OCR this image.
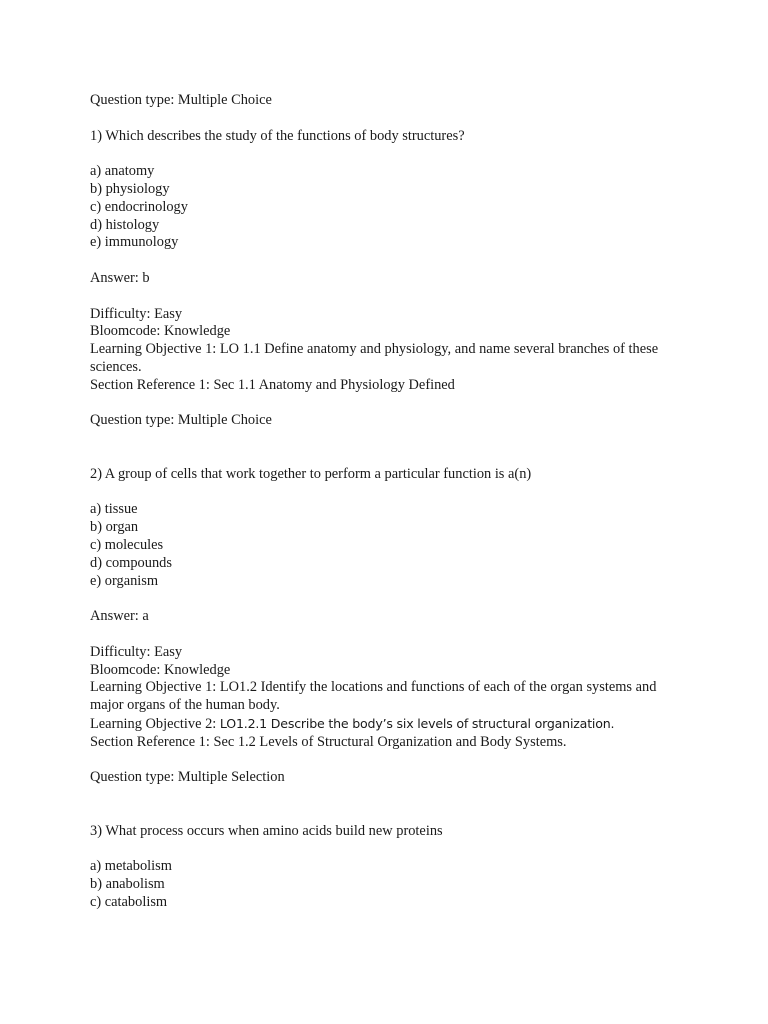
Question type: Multiple Choice
1) Which describes the study of the functions of body structures?
a) anatomy
b) physiology
c) endocrinology
d) histology
e) immunology
Answer: b
Difficulty: Easy
Bloomcode: Knowledge
Learning Objective 1: LO 1.1 Define anatomy and physiology, and name several branches of these sciences.
Section Reference 1: Sec 1.1 Anatomy and Physiology Defined
Question type: Multiple Choice
2) A group of cells that work together to perform a particular function is a(n)
a) tissue
b) organ
c) molecules
d) compounds
e) organism
Answer: a
Difficulty: Easy
Bloomcode: Knowledge
Learning Objective 1: LO1.2 Identify the locations and functions of each of the organ systems and major organs of the human body.
Learning Objective 2: LO1.2.1 Describe the body’s six levels of structural organization.
Section Reference 1: Sec 1.2 Levels of Structural Organization and Body Systems.
Question type: Multiple Selection
3) What process occurs when amino acids build new proteins
a) metabolism
b) anabolism
c) catabolism
